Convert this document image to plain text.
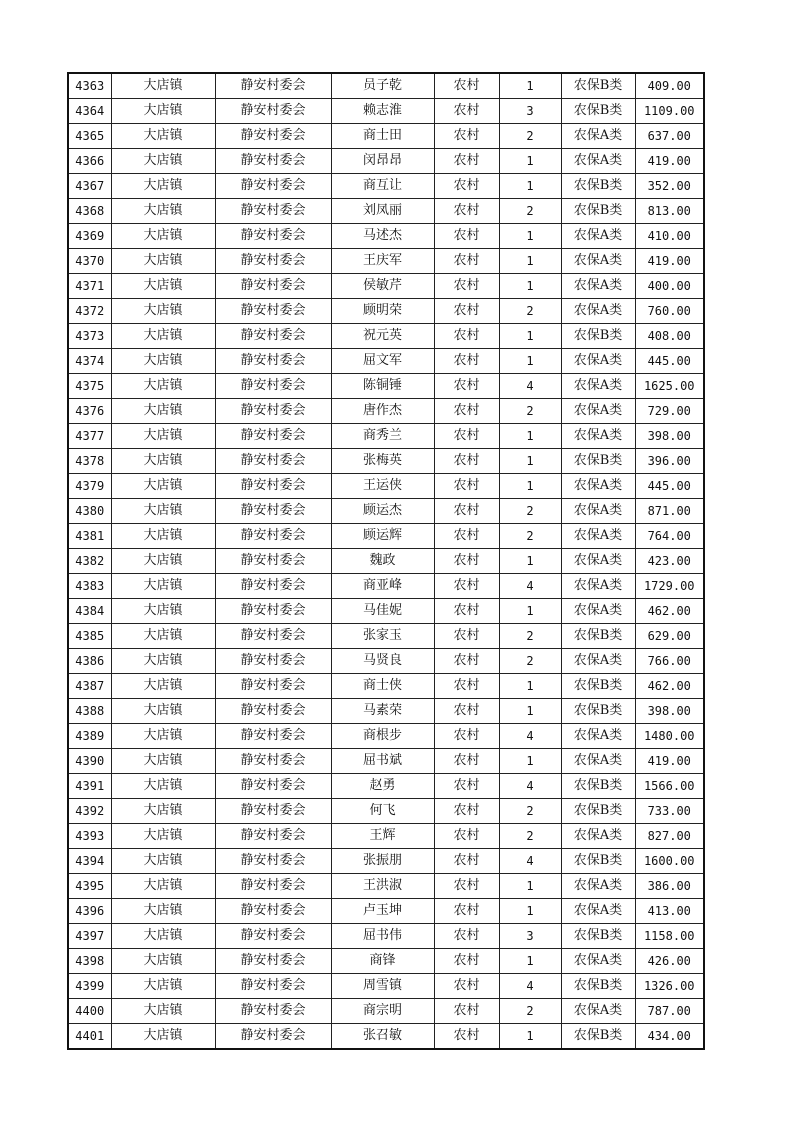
4363	大店镇	静安村委会	员子乾	农村	1	农保B类	409.00
4364	大店镇	静安村委会	赖志淮	农村	3	农保B类	1109.00
4365	大店镇	静安村委会	商士田	农村	2	农保A类	637.00
4366	大店镇	静安村委会	闵昂昂	农村	1	农保A类	419.00
4367	大店镇	静安村委会	商互让	农村	1	农保B类	352.00
4368	大店镇	静安村委会	刘凤丽	农村	2	农保B类	813.00
4369	大店镇	静安村委会	马述杰	农村	1	农保A类	410.00
4370	大店镇	静安村委会	王庆军	农村	1	农保A类	419.00
4371	大店镇	静安村委会	侯敏芹	农村	1	农保A类	400.00
4372	大店镇	静安村委会	顾明荣	农村	2	农保A类	760.00
4373	大店镇	静安村委会	祝元英	农村	1	农保B类	408.00
4374	大店镇	静安村委会	屈文军	农村	1	农保A类	445.00
4375	大店镇	静安村委会	陈铜锤	农村	4	农保A类	1625.00
4376	大店镇	静安村委会	唐作杰	农村	2	农保A类	729.00
4377	大店镇	静安村委会	商秀兰	农村	1	农保A类	398.00
4378	大店镇	静安村委会	张梅英	农村	1	农保B类	396.00
4379	大店镇	静安村委会	王运侠	农村	1	农保A类	445.00
4380	大店镇	静安村委会	顾运杰	农村	2	农保A类	871.00
4381	大店镇	静安村委会	顾运辉	农村	2	农保A类	764.00
4382	大店镇	静安村委会	魏政	农村	1	农保A类	423.00
4383	大店镇	静安村委会	商亚峰	农村	4	农保A类	1729.00
4384	大店镇	静安村委会	马佳妮	农村	1	农保A类	462.00
4385	大店镇	静安村委会	张家玉	农村	2	农保B类	629.00
4386	大店镇	静安村委会	马贤良	农村	2	农保A类	766.00
4387	大店镇	静安村委会	商士侠	农村	1	农保B类	462.00
4388	大店镇	静安村委会	马素荣	农村	1	农保B类	398.00
4389	大店镇	静安村委会	商根步	农村	4	农保A类	1480.00
4390	大店镇	静安村委会	屈书斌	农村	1	农保A类	419.00
4391	大店镇	静安村委会	赵勇	农村	4	农保B类	1566.00
4392	大店镇	静安村委会	何飞	农村	2	农保B类	733.00
4393	大店镇	静安村委会	王辉	农村	2	农保A类	827.00
4394	大店镇	静安村委会	张振朋	农村	4	农保B类	1600.00
4395	大店镇	静安村委会	王洪淑	农村	1	农保A类	386.00
4396	大店镇	静安村委会	卢玉坤	农村	1	农保A类	413.00
4397	大店镇	静安村委会	屈书伟	农村	3	农保B类	1158.00
4398	大店镇	静安村委会	商锋	农村	1	农保A类	426.00
4399	大店镇	静安村委会	周雪镇	农村	4	农保B类	1326.00
4400	大店镇	静安村委会	商宗明	农村	2	农保A类	787.00
4401	大店镇	静安村委会	张召敏	农村	1	农保B类	434.00
